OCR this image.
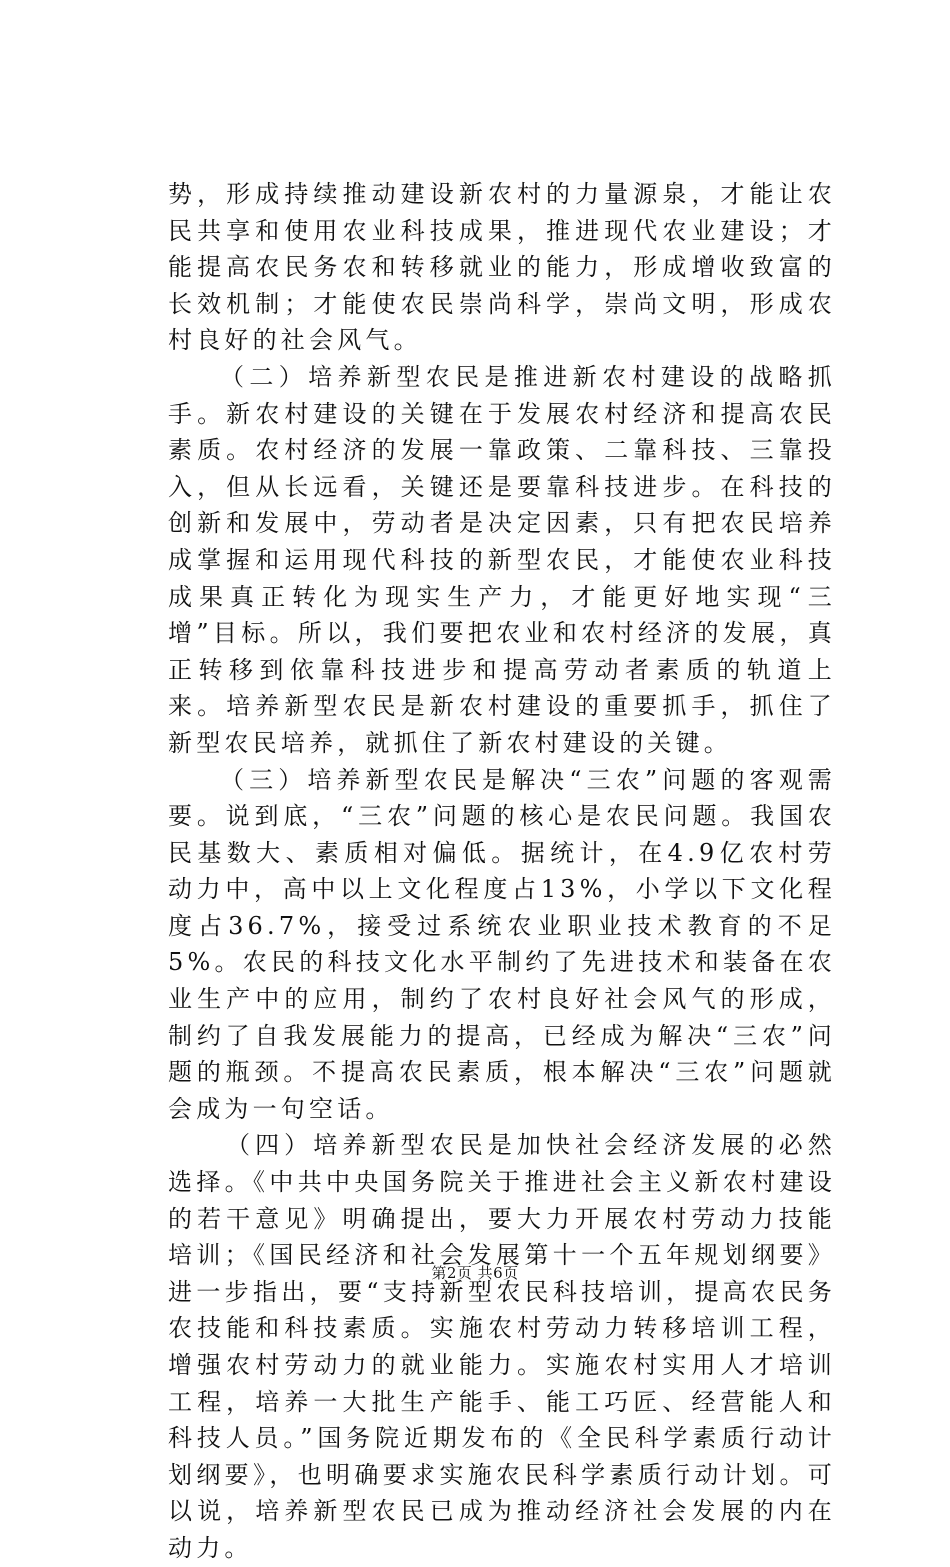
势，形成持续推动建设新农村的力量源泉，才能让农民共享和使用农业科技成果，推进现代农业建设；才能提高农民务农和转移就业的能力，形成增收致富的长效机制；才能使农民崇尚科学，崇尚文明，形成农村良好的社会风气。

（二）培养新型农民是推进新农村建设的战略抓手。新农村建设的关键在于发展农村经济和提高农民素质。农村经济的发展一靠政策、二靠科技、三靠投入，但从长远看，关键还是要靠科技进步。在科技的创新和发展中，劳动者是决定因素，只有把农民培养成掌握和运用现代科技的新型农民，才能使农业科技成果真正转化为现实生产力，才能更好地实现“三增”目标。所以，我们要把农业和农村经济的发展，真正转移到依靠科技进步和提高劳动者素质的轨道上来。培养新型农民是新农村建设的重要抓手，抓住了新型农民培养，就抓住了新农村建设的关键。

（三）培养新型农民是解决“三农”问题的客观需要。说到底，“三农”问题的核心是农民问题。我国农民基数大、素质相对偏低。据统计，在4.9亿农村劳动力中，高中以上文化程度占13%，小学以下文化程度占36.7%，接受过系统农业职业技术教育的不足5%。农民的科技文化水平制约了先进技术和装备在农业生产中的应用，制约了农村良好社会风气的形成，制约了自我发展能力的提高，已经成为解决“三农”问题的瓶颈。不提高农民素质，根本解决“三农”问题就会成为一句空话。

（四）培养新型农民是加快社会经济发展的必然选择。《中共中央国务院关于推进社会主义新农村建设的若干意见》明确提出，要大力开展农村劳动力技能培训；《国民经济和社会发展第十一个五年规划纲要》进一步指出，要“支持新型农民科技培训，提高农民务农技能和科技素质。实施农村劳动力转移培训工程，增强农村劳动力的就业能力。实施农村实用人才培训工程，培养一大批生产能手、能工巧匠、经营能人和科技人员。”国务院近期发布的《全民科学素质行动计划纲要》，也明确要求实施农民科学素质行动计划。可以说，培养新型农民已成为推动经济社会发展的内在动力。

第2页 共6页
